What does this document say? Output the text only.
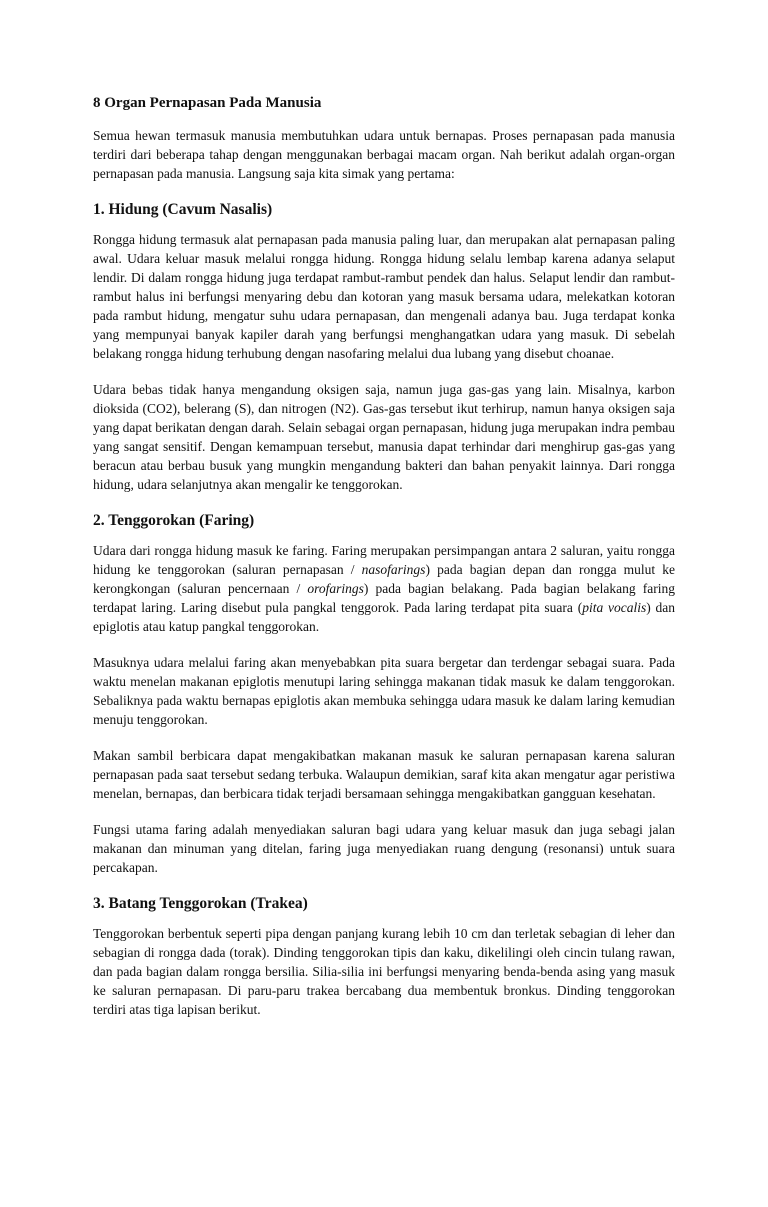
8 Organ Pernapasan Pada Manusia

Semua hewan termasuk manusia membutuhkan udara untuk bernapas. Proses pernapasan pada manusia terdiri dari beberapa tahap dengan menggunakan berbagai macam organ. Nah berikut adalah organ-organ pernapasan pada manusia. Langsung saja kita simak yang pertama:

1. Hidung (Cavum Nasalis)

Rongga hidung termasuk alat pernapasan pada manusia paling luar, dan merupakan alat pernapasan paling awal. Udara keluar masuk melalui rongga hidung. Rongga hidung selalu lembap karena adanya selaput lendir. Di dalam rongga hidung juga terdapat rambut-rambut pendek dan halus. Selaput lendir dan rambut-rambut halus ini berfungsi menyaring debu dan kotoran yang masuk bersama udara, melekatkan kotoran pada rambut hidung, mengatur suhu udara pernapasan, dan mengenali adanya bau. Juga terdapat konka yang mempunyai banyak kapiler darah yang berfungsi menghangatkan udara yang masuk. Di sebelah belakang rongga hidung terhubung dengan nasofaring melalui dua lubang yang disebut choanae.

Udara bebas tidak hanya mengandung oksigen saja, namun juga gas-gas yang lain. Misalnya, karbon dioksida (CO2), belerang (S), dan nitrogen (N2). Gas-gas tersebut ikut terhirup, namun hanya oksigen saja yang dapat berikatan dengan darah. Selain sebagai organ pernapasan, hidung juga merupakan indra pembau yang sangat sensitif. Dengan kemampuan tersebut, manusia dapat terhindar dari menghirup gas-gas yang beracun atau berbau busuk yang mungkin mengandung bakteri dan bahan penyakit lainnya. Dari rongga hidung, udara selanjutnya akan mengalir ke tenggorokan.

2. Tenggorokan (Faring)

Udara dari rongga hidung masuk ke faring. Faring merupakan persimpangan antara 2 saluran, yaitu rongga hidung ke tenggorokan (saluran pernapasan / nasofarings) pada bagian depan dan rongga mulut ke kerongkongan (saluran pencernaan / orofarings) pada bagian belakang. Pada bagian belakang faring terdapat laring. Laring disebut pula pangkal tenggorok. Pada laring terdapat pita suara (pita vocalis) dan epiglotis atau katup pangkal tenggorokan.

Masuknya udara melalui faring akan menyebabkan pita suara bergetar dan terdengar sebagai suara. Pada waktu menelan makanan epiglotis menutupi laring sehingga makanan tidak masuk ke dalam tenggorokan. Sebaliknya pada waktu bernapas epiglotis akan membuka sehingga udara masuk ke dalam laring kemudian menuju tenggorokan.

Makan sambil berbicara dapat mengakibatkan makanan masuk ke saluran pernapasan karena saluran pernapasan pada saat tersebut sedang terbuka. Walaupun demikian, saraf kita akan mengatur agar peristiwa menelan, bernapas, dan berbicara tidak terjadi bersamaan sehingga mengakibatkan gangguan kesehatan.

Fungsi utama faring adalah menyediakan saluran bagi udara yang keluar masuk dan juga sebagi jalan makanan dan minuman yang ditelan, faring juga menyediakan ruang dengung (resonansi) untuk suara percakapan.

3. Batang Tenggorokan (Trakea)

Tenggorokan berbentuk seperti pipa dengan panjang kurang lebih 10 cm dan terletak sebagian di leher dan sebagian di rongga dada (torak). Dinding tenggorokan tipis dan kaku, dikelilingi oleh cincin tulang rawan, dan pada bagian dalam rongga bersilia. Silia-silia ini berfungsi menyaring benda-benda asing yang masuk ke saluran pernapasan. Di paru-paru trakea bercabang dua membentuk bronkus. Dinding tenggorokan terdiri atas tiga lapisan berikut.
